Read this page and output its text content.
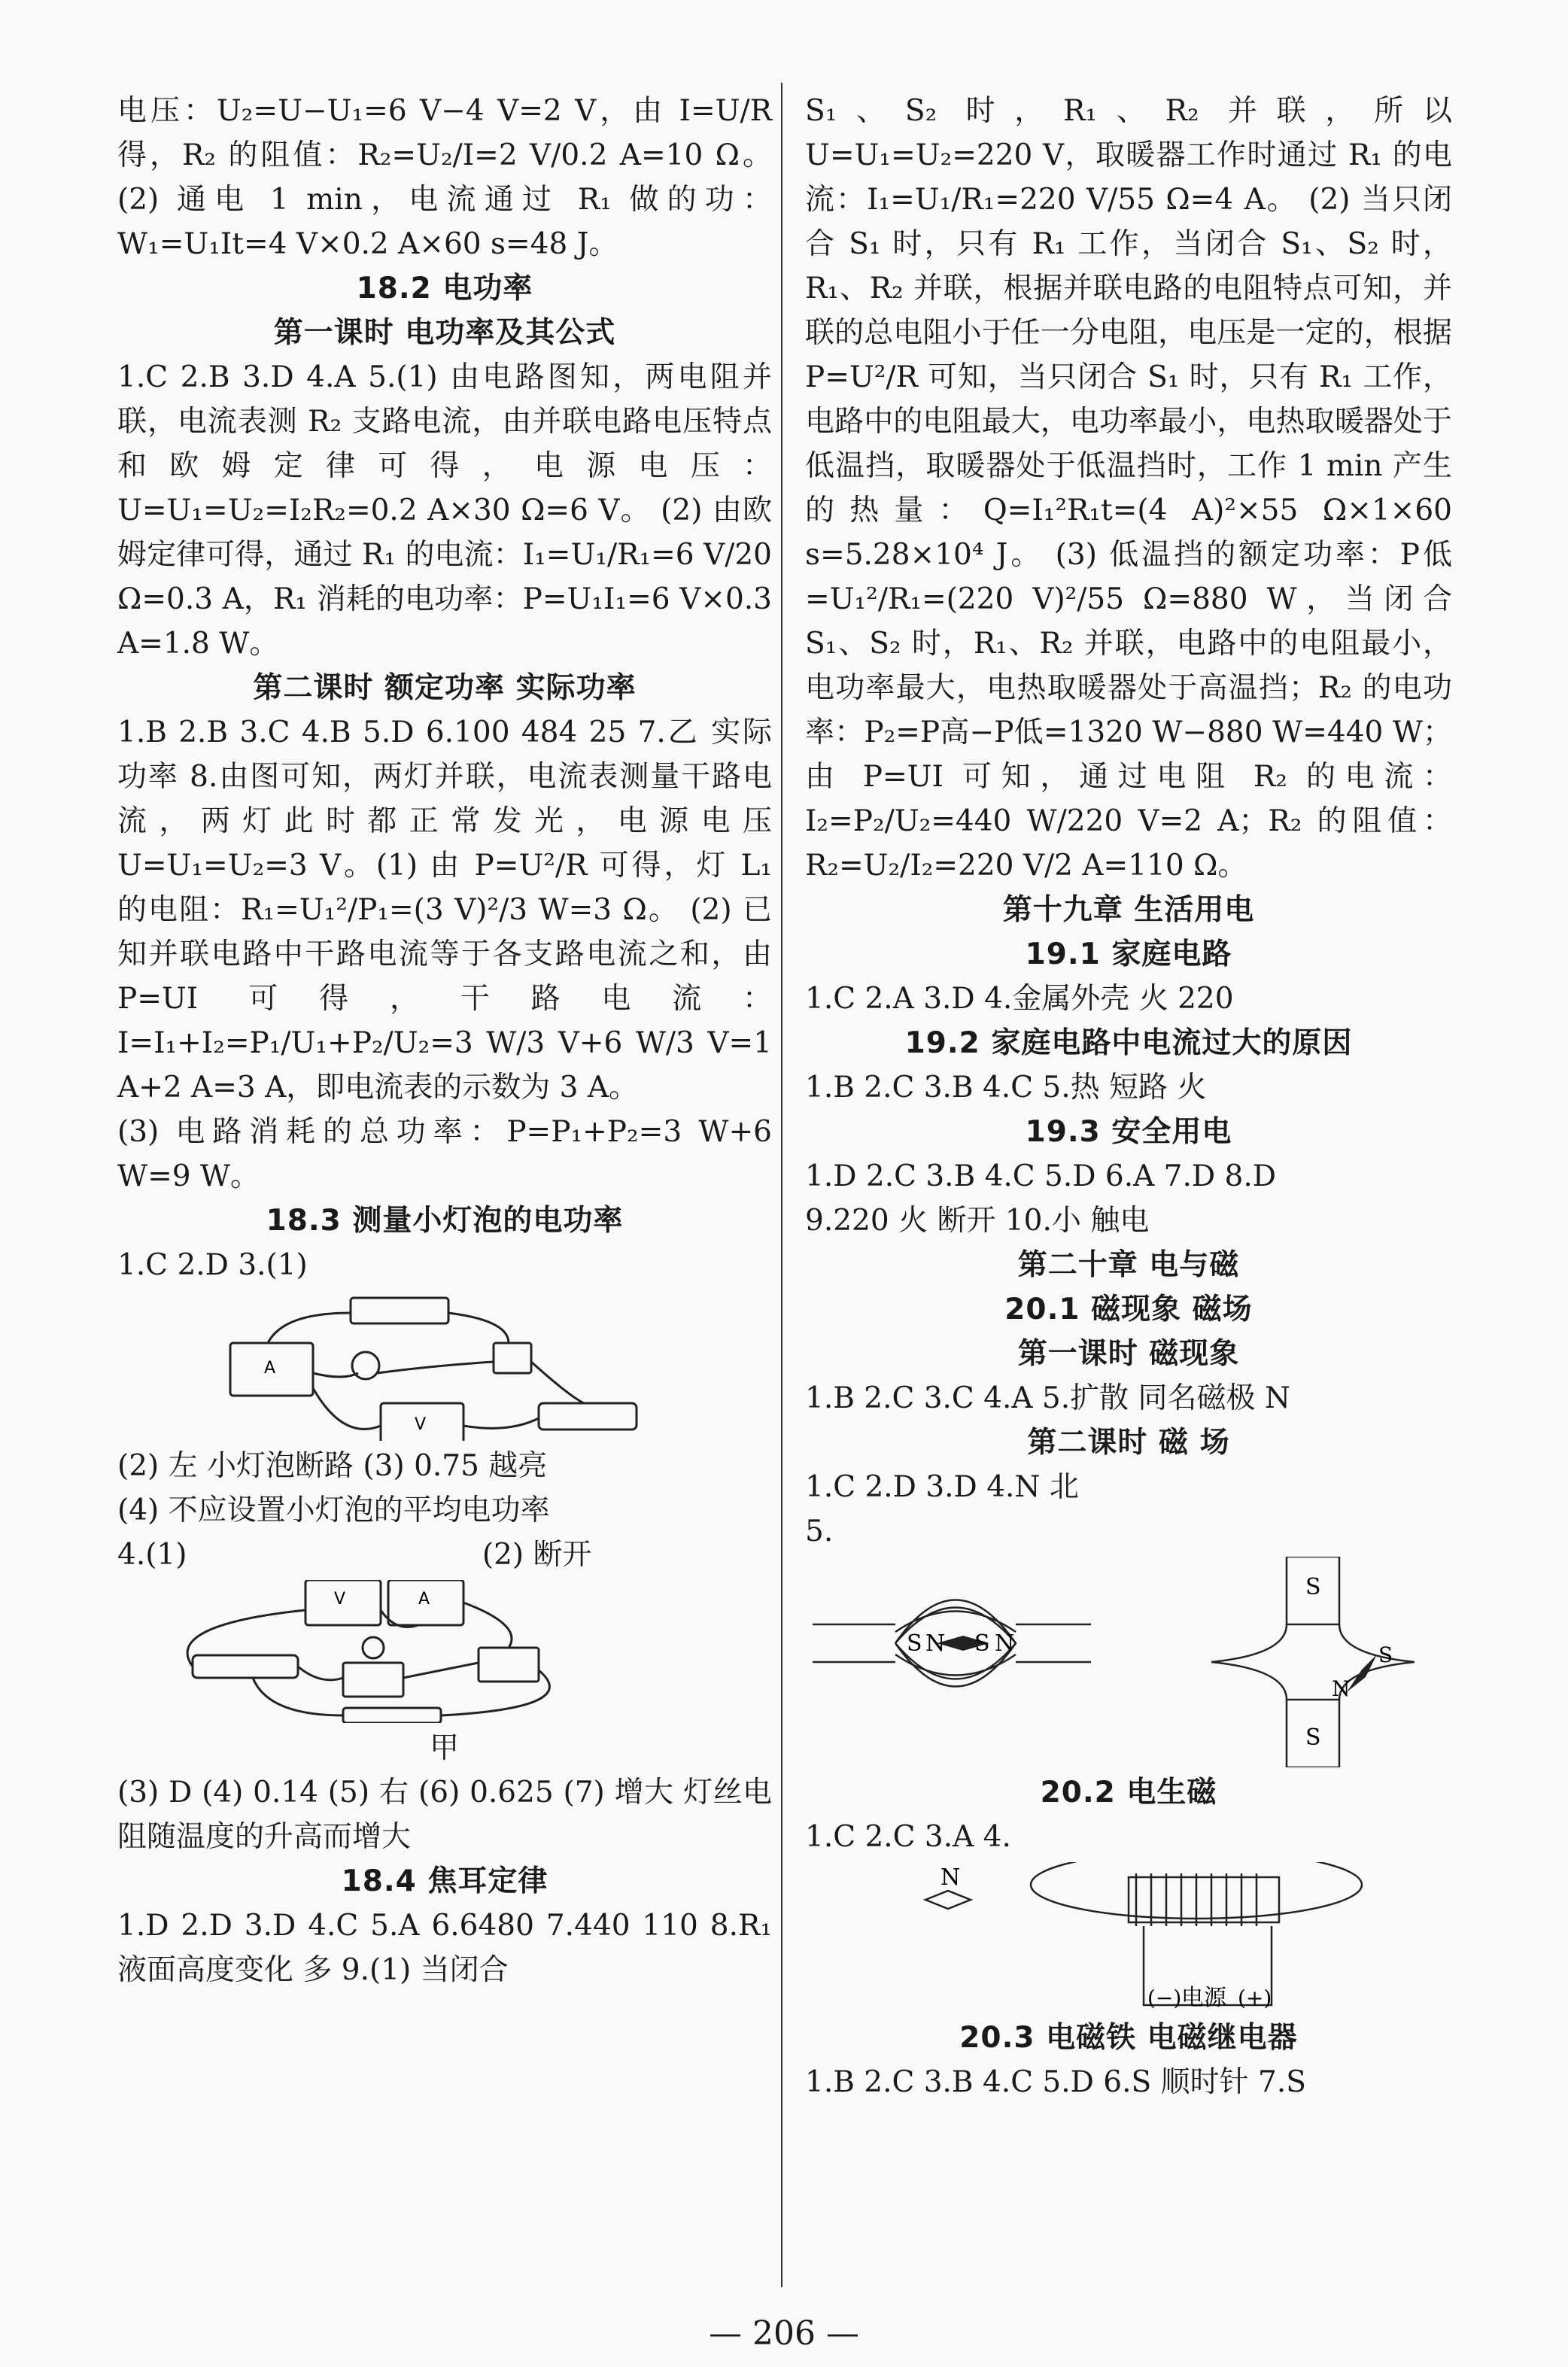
电压：U₂=U−U₁=6 V−4 V=2 V，由 I=U/R 得，R₂ 的阻值：R₂=U₂/I=2 V/0.2 A=10 Ω。 (2) 通电 1 min，电流通过 R₁ 做的功：W₁=U₁It=4 V×0.2 A×60 s=48 J。

18.2 电功率

第一课时 电功率及其公式

1.C 2.B 3.D 4.A 5.(1) 由电路图知，两电阻并联，电流表测 R₂ 支路电流，由并联电路电压特点和欧姆定律可得，电源电压：U=U₁=U₂=I₂R₂=0.2 A×30 Ω=6 V。 (2) 由欧姆定律可得，通过 R₁ 的电流：I₁=U₁/R₁=6 V/20 Ω=0.3 A，R₁ 消耗的电功率：P=U₁I₁=6 V×0.3 A=1.8 W。

第二课时 额定功率 实际功率

1.B 2.B 3.C 4.B 5.D 6.100 484 25 7.乙 实际功率 8.由图可知，两灯并联，电流表测量干路电流，两灯此时都正常发光，电源电压U=U₁=U₂=3 V。(1) 由 P=U²/R 可得，灯 L₁ 的电阻：R₁=U₁²/P₁=(3 V)²/3 W=3 Ω。 (2) 已知并联电路中干路电流等于各支路电流之和，由 P=UI 可得，干路电流：I=I₁+I₂=P₁/U₁+P₂/U₂=3 W/3 V+6 W/3 V=1 A+2 A=3 A，即电流表的示数为 3 A。

(3) 电路消耗的总功率：P=P₁+P₂=3 W+6 W=9 W。

18.3 测量小灯泡的电功率

1.C 2.D 3.(1)

A
V

(2) 左 小灯泡断路 (3) 0.75 越亮

(4) 不应设置小灯泡的平均电功率

4.(1)	(2) 断开

V	A

甲

(3) D (4) 0.14 (5) 右 (6) 0.625 (7) 增大 灯丝电阻随温度的升高而增大

18.4 焦耳定律

1.D 2.D 3.D 4.C 5.A 6.6480 7.440 110 8.R₁ 液面高度变化 多 9.(1) 当闭合

S₁、S₂ 时，R₁、R₂ 并联，所以 U=U₁=U₂=220 V，取暖器工作时通过 R₁ 的电流：I₁=U₁/R₁=220 V/55 Ω=4 A。 (2) 当只闭合 S₁ 时，只有 R₁ 工作，当闭合 S₁、S₂ 时，R₁、R₂ 并联，根据并联电路的电阻特点可知，并联的总电阻小于任一分电阻，电压是一定的，根据 P=U²/R 可知，当只闭合 S₁ 时，只有 R₁ 工作，电路中的电阻最大，电功率最小，电热取暖器处于低温挡，取暖器处于低温挡时，工作 1 min 产生的热量：Q=I₁²R₁t=(4 A)²×55 Ω×1×60 s=5.28×10⁴ J。 (3) 低温挡的额定功率：P低=U₁²/R₁=(220 V)²/55 Ω=880 W，当闭合 S₁、S₂ 时，R₁、R₂ 并联，电路中的电阻最小，电功率最大，电热取暖器处于高温挡；R₂ 的电功率：P₂=P高−P低=1320 W−880 W=440 W；由 P=UI 可知，通过电阻 R₂ 的电流：I₂=P₂/U₂=440 W/220 V=2 A；R₂ 的阻值：R₂=U₂/I₂=220 V/2 A=110 Ω。

第十九章 生活用电

19.1 家庭电路

1.C 2.A 3.D 4.金属外壳 火 220

19.2 家庭电路中电流过大的原因

1.B 2.C 3.B 4.C 5.热 短路 火

19.3 安全用电

1.D 2.C 3.B 4.C 5.D 6.A 7.D 8.D

9.220 火 断开 10.小 触电

第二十章 电与磁

20.1 磁现象 磁场

第一课时 磁现象

1.B 2.C 3.C 4.A 5.扩散 同名磁极 N

第二课时 磁 场

1.C 2.D 3.D 4.N 北

5.

S N S N
S
S
N
S

20.2 电生磁

1.C 2.C 3.A 4.

N
(−) 电源 (+)

20.3 电磁铁 电磁继电器

1.B 2.C 3.B 4.C 5.D 6.S 顺时针 7.S

— 206 —
